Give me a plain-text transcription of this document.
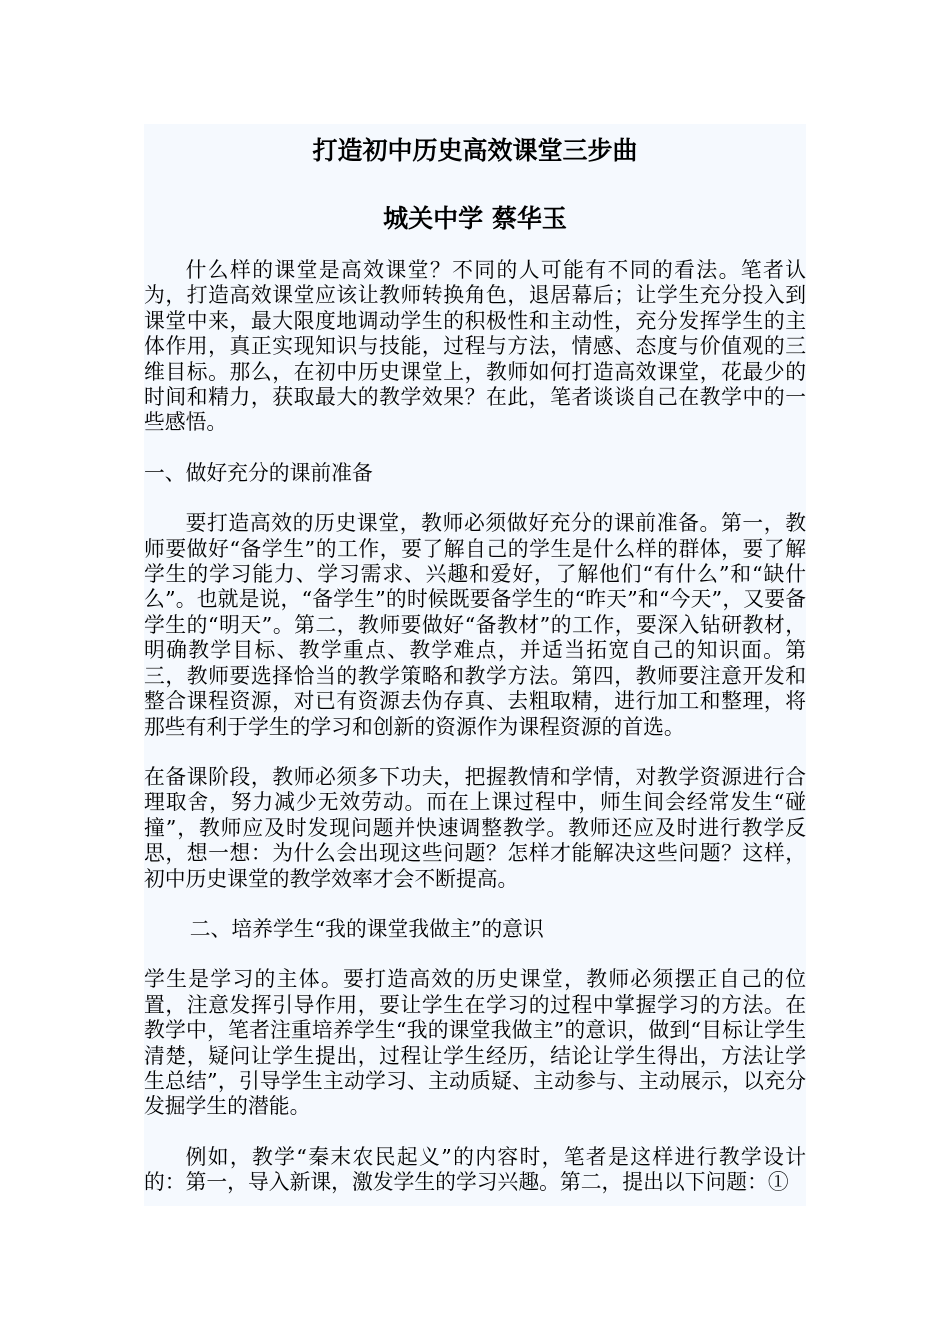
打造初中历史高效课堂三步曲
城关中学 蔡华玉

什么样的课堂是高效课堂？不同的人可能有不同的看法。笔者认为，打造高效课堂应该让教师转换角色，退居幕后；让学生充分投入到课堂中来，最大限度地调动学生的积极性和主动性，充分发挥学生的主体作用，真正实现知识与技能，过程与方法，情感、态度与价值观的三维目标。那么，在初中历史课堂上，教师如何打造高效课堂，花最少的时间和精力，获取最大的教学效果？在此，笔者谈谈自己在教学中的一些感悟。

一、做好充分的课前准备

要打造高效的历史课堂，教师必须做好充分的课前准备。第一，教师要做好“备学生”的工作，要了解自己的学生是什么样的群体，要了解学生的学习能力、学习需求、兴趣和爱好，了解他们“有什么”和“缺什么”。也就是说，“备学生”的时候既要备学生的“昨天”和“今天”，又要备学生的“明天”。第二，教师要做好“备教材”的工作，要深入钻研教材，明确教学目标、教学重点、教学难点，并适当拓宽自己的知识面。第三，教师要选择恰当的教学策略和教学方法。第四，教师要注意开发和整合课程资源，对已有资源去伪存真、去粗取精，进行加工和整理，将那些有利于学生的学习和创新的资源作为课程资源的首选。

在备课阶段，教师必须多下功夫，把握教情和学情，对教学资源进行合理取舍，努力减少无效劳动。而在上课过程中，师生间会经常发生“碰撞”，教师应及时发现问题并快速调整教学。教师还应及时进行教学反思，想一想：为什么会出现这些问题？怎样才能解决这些问题？这样，初中历史课堂的教学效率才会不断提高。

二、培养学生“我的课堂我做主”的意识

学生是学习的主体。要打造高效的历史课堂，教师必须摆正自己的位置，注意发挥引导作用，要让学生在学习的过程中掌握学习的方法。在教学中，笔者注重培养学生“我的课堂我做主”的意识，做到“目标让学生清楚，疑问让学生提出，过程让学生经历，结论让学生得出，方法让学生总结”，引导学生主动学习、主动质疑、主动参与、主动展示，以充分发掘学生的潜能。

例如，教学“秦末农民起义”的内容时，笔者是这样进行教学设计的：第一，导入新课，激发学生的学习兴趣。第二，提出以下问题：①
